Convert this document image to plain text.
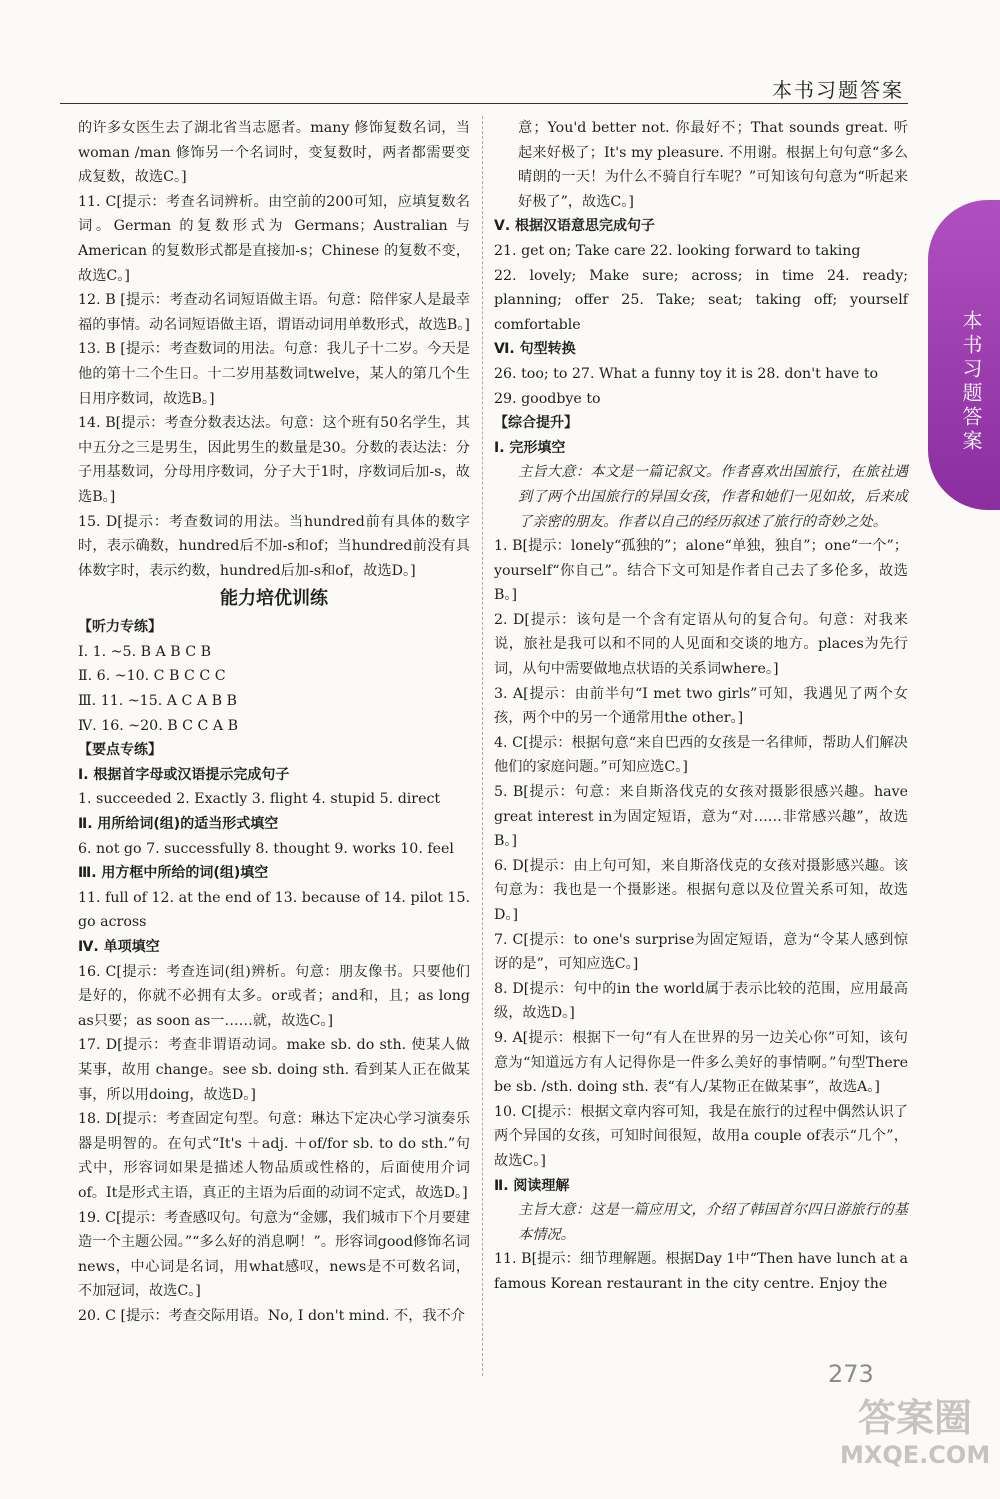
本书习题答案

的许多女医生去了湖北省当志愿者。many 修饰复数名词，当 woman /man 修饰另一个名词时，变复数时，两者都需要变成复数，故选C。]

11. C[提示：考查名词辨析。由空前的200可知，应填复数名词。German 的复数形式为 Germans；Australian 与 American 的复数形式都是直接加-s；Chinese 的复数不变，故选C。]

12. B [提示：考查动名词短语做主语。句意：陪伴家人是最幸福的事情。动名词短语做主语，谓语动词用单数形式，故选B。]

13. B [提示：考查数词的用法。句意：我儿子十二岁。今天是他的第十二个生日。十二岁用基数词twelve，某人的第几个生日用序数词，故选B。]

14. B[提示：考查分数表达法。句意：这个班有50名学生，其中五分之三是男生，因此男生的数量是30。分数的表达法：分子用基数词，分母用序数词，分子大于1时，序数词后加-s，故选B。]

15. D[提示：考查数词的用法。当hundred前有具体的数字时，表示确数，hundred后不加-s和of；当hundred前没有具体数字时，表示约数，hundred后加-s和of，故选D。]

能力培优训练

【听力专练】

Ⅰ. 1. ~5. B A B C B

Ⅱ. 6. ~10. C B C C C

Ⅲ. 11. ~15. A C A B B

Ⅳ. 16. ~20. B C C A B

【要点专练】

Ⅰ. 根据首字母或汉语提示完成句子

1. succeeded 2. Exactly 3. flight 4. stupid 5. direct

Ⅱ. 用所给词(组)的适当形式填空

6. not go 7. successfully 8. thought 9. works 10. feel

Ⅲ. 用方框中所给的词(组)填空

11. full of 12. at the end of 13. because of 14. pilot 15. go across

Ⅳ. 单项填空

16. C[提示：考查连词(组)辨析。句意：朋友像书。只要他们是好的，你就不必拥有太多。or或者；and和，且；as long as只要；as soon as一……就，故选C。]

17. D[提示：考查非谓语动词。make sb. do sth. 使某人做某事，故用 change。see sb. doing sth. 看到某人正在做某事，所以用doing，故选D。]

18. D[提示：考查固定句型。句意：琳达下定决心学习演奏乐器是明智的。在句式“It's ＋adj. ＋of/for sb. to do sth.”句式中，形容词如果是描述人物品质或性格的，后面使用介词of。It是形式主语，真正的主语为后面的动词不定式，故选D。]

19. C[提示：考查感叹句。句意为“金娜，我们城市下个月要建造一个主题公园。”“多么好的消息啊！”。形容词good修饰名词news，中心词是名词，用what感叹，news是不可数名词，不加冠词，故选C。]

20. C [提示：考查交际用语。No, I don't mind. 不，我不介

意；You'd better not. 你最好不；That sounds great. 听起来好极了；It's my pleasure. 不用谢。根据上句句意“多么晴朗的一天！为什么不骑自行车呢？”可知该句句意为“听起来好极了”，故选C。]

Ⅴ. 根据汉语意思完成句子

21. get on; Take care 22. looking forward to taking

22. lovely; Make sure; across; in time 24. ready; planning; offer 25. Take; seat; taking off; yourself comfortable

Ⅵ. 句型转换

26. too; to 27. What a funny toy it is 28. don't have to

29. goodbye to

【综合提升】

Ⅰ. 完形填空

主旨大意：本文是一篇记叙文。作者喜欢出国旅行，在旅社遇到了两个出国旅行的异国女孩，作者和她们一见如故，后来成了亲密的朋友。作者以自己的经历叙述了旅行的奇妙之处。

1. B[提示：lonely“孤独的”；alone“单独，独自”；one“一个”；yourself“你自己”。结合下文可知是作者自己去了多伦多，故选B。]

2. D[提示：该句是一个含有定语从句的复合句。句意：对我来说，旅社是我可以和不同的人见面和交谈的地方。places为先行词，从句中需要做地点状语的关系词where。]

3. A[提示：由前半句“I met two girls”可知，我遇见了两个女孩，两个中的另一个通常用the other。]

4. C[提示：根据句意“来自巴西的女孩是一名律师，帮助人们解决他们的家庭问题。”可知应选C。]

5. B[提示：句意：来自斯洛伐克的女孩对摄影很感兴趣。have great interest in为固定短语，意为“对……非常感兴趣”，故选B。]

6. D[提示：由上句可知，来自斯洛伐克的女孩对摄影感兴趣。该句意为：我也是一个摄影迷。根据句意以及位置关系可知，故选D。]

7. C[提示：to one's surprise为固定短语，意为“令某人感到惊讶的是”，可知应选C。]

8. D[提示：句中的in the world属于表示比较的范围，应用最高级，故选D。]

9. A[提示：根据下一句“有人在世界的另一边关心你”可知，该句意为“知道远方有人记得你是一件多么美好的事情啊。”句型There be sb. /sth. doing sth. 表“有人/某物正在做某事”，故选A。]

10. C[提示：根据文章内容可知，我是在旅行的过程中偶然认识了两个异国的女孩，可知时间很短，故用a couple of表示“几个”，故选C。]

Ⅱ. 阅读理解

主旨大意：这是一篇应用文，介绍了韩国首尔四日游旅行的基本情况。

11. B[提示：细节理解题。根据Day 1中“Then have lunch at a famous Korean restaurant in the city centre. Enjoy the

本书习题答案
273
答案圈
MXQE.COM
